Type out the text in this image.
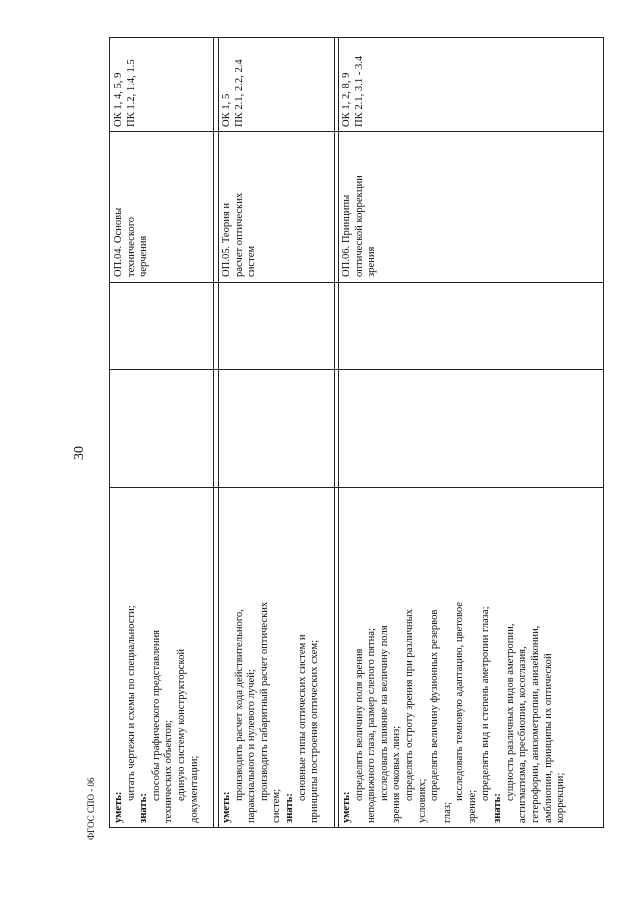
30
ФГОС СПО - 06 уметь:
читать чертежи и схемы по специальности;
знать:
способы графического представления технических объектов; единую систему конструкторской документации;
ОП.04. Основы технического черчения
ОК 1, 4, 5, 9 ПК 1.2, 1.4, 1.5
уметь:
производить расчет хода действительного, параксиального и нулевого лучей; производить габаритный расчет оптических
систем; знать:
основные типы оптических систем и принципы построения оптических схем;
ОП.05. Теория и расчет оптических систем
ОК 1, 5 ПК 2.1, 2.2, 2.4
уметь:
определять величину поля зрения неподвижного глаза, размер слепого пятна; исследовать влияние на величину поля зрения очковых линз; определять остроту зрения при различных условиях; определять величину фузионных резервов
глаз;
исследовать темновую адаптацию, цветовое
зрение;
определять вид и степень аметропии глаза;
знать:
сущность различных видов аметропии, астигматизма, пресбиопии, косоглазия, гетерофории, анизометропии, анизейконии, амблиопии, принципы их оптической коррекции;
ОП.06. Принципы оптической коррекции зрения
ОК 1, 2, 8, 9 ПК 2.1, 3.1 - 3.4
